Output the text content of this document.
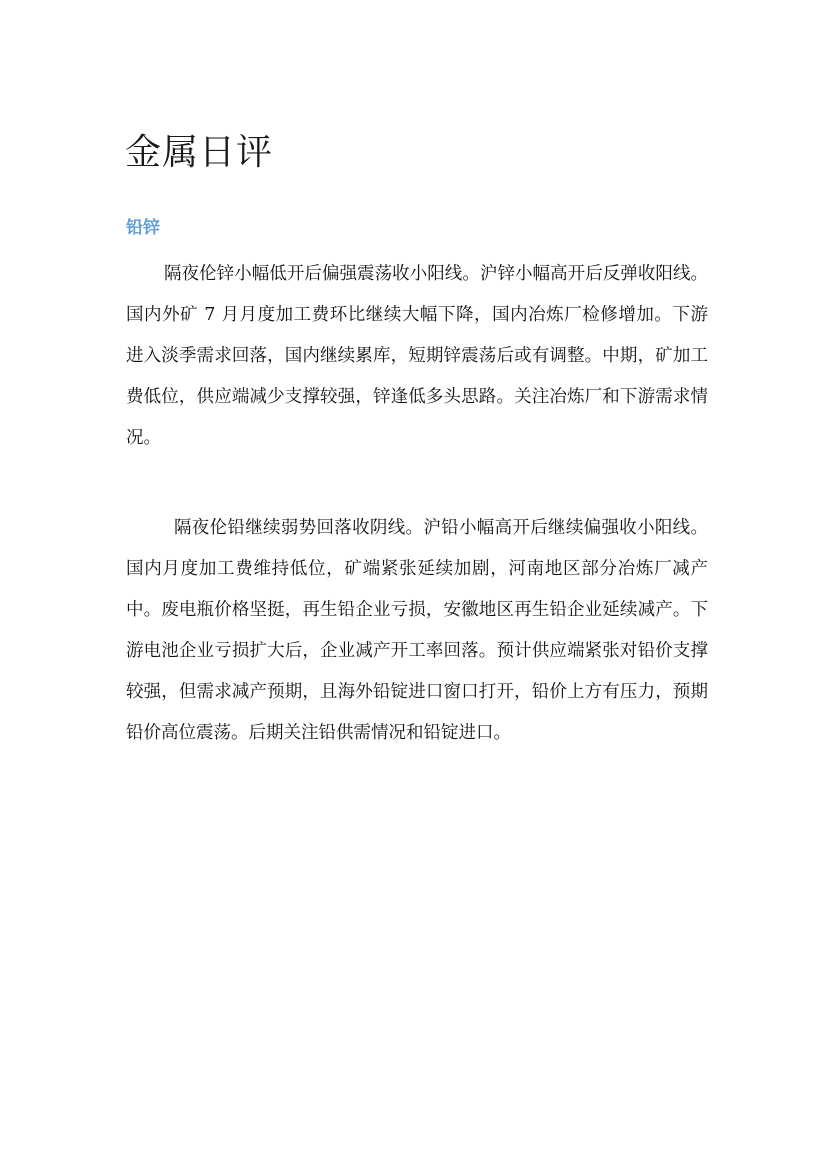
金属日评
铅锌

隔夜伦锌小幅低开后偏强震荡收小阳线。沪锌小幅高开后反弹收阳线。国内外矿 7 月月度加工费环比继续大幅下降，国内冶炼厂检修增加。下游进入淡季需求回落，国内继续累库，短期锌震荡后或有调整。中期，矿加工费低位，供应端减少支撑较强，锌逢低多头思路。关注冶炼厂和下游需求情况。

隔夜伦铅继续弱势回落收阴线。沪铅小幅高开后继续偏强收小阳线。国内月度加工费维持低位，矿端紧张延续加剧，河南地区部分冶炼厂减产中。废电瓶价格坚挺，再生铅企业亏损，安徽地区再生铅企业延续减产。下游电池企业亏损扩大后，企业减产开工率回落。预计供应端紧张对铅价支撑较强，但需求减产预期，且海外铅锭进口窗口打开，铅价上方有压力，预期铅价高位震荡。后期关注铅供需情况和铅锭进口。
